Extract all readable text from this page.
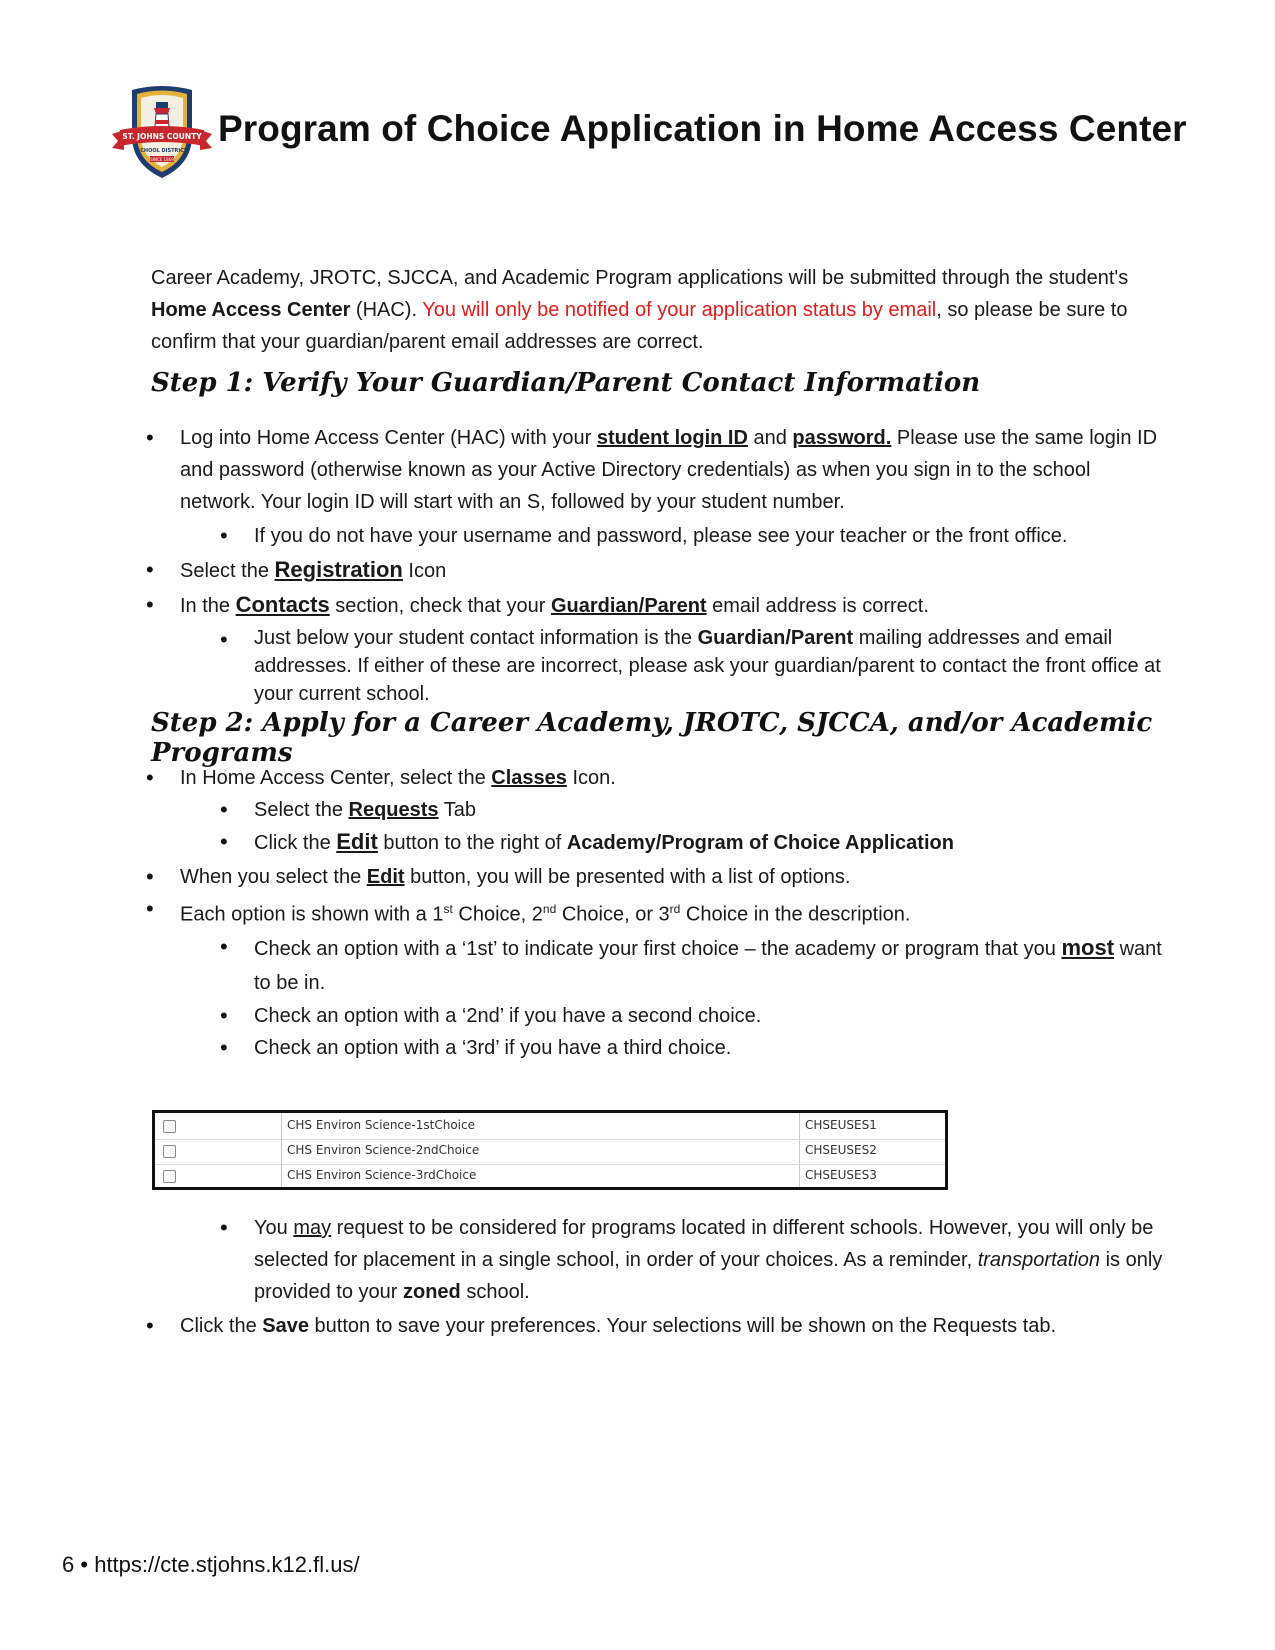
ST. JOHNS COUNTY
SCHOOL DISTRICT
SINCE 1869
Program of Choice Application in Home Access Center

Career Academy, JROTC, SJCCA, and Academic Program applications will be submitted through the student's Home Access Center (HAC). You will only be notified of your application status by email, so please be sure to confirm that your guardian/parent email addresses are correct.

Step 1: Verify Your Guardian/Parent Contact Information
• Log into Home Access Center (HAC) with your student login ID and password. Please use the same login ID and password (otherwise known as your Active Directory credentials) as when you sign in to the school network. Your login ID will start with an S, followed by your student number.
• If you do not have your username and password, please see your teacher or the front office.
• Select the Registration Icon
• In the Contacts section, check that your Guardian/Parent email address is correct.
• Just below your student contact information is the Guardian/Parent mailing addresses and email addresses. If either of these are incorrect, please ask your guardian/parent to contact the front office at your current school.
Step 2: Apply for a Career Academy, JROTC, SJCCA, and/or Academic Programs
• In Home Access Center, select the Classes Icon.
• Select the Requests Tab
• Click the Edit button to the right of Academy/Program of Choice Application
• When you select the Edit button, you will be presented with a list of options.
• Each option is shown with a 1st Choice, 2nd Choice, or 3rd Choice in the description.
• Check an option with a ‘1st’ to indicate your first choice – the academy or program that you most want to be in.
• Check an option with a ‘2nd’ if you have a second choice.
• Check an option with a ‘3rd’ if you have a third choice.
CHS Environ Science-1stChoice	CHSEUSES1
CHS Environ Science-2ndChoice	CHSEUSES2
CHS Environ Science-3rdChoice	CHSEUSES3
• You may request to be considered for programs located in different schools. However, you will only be selected for placement in a single school, in order of your choices. As a reminder, transportation is only provided to your zoned school.
• Click the Save button to save your preferences. Your selections will be shown on the Requests tab.
6 • https://cte.stjohns.k12.fl.us/
